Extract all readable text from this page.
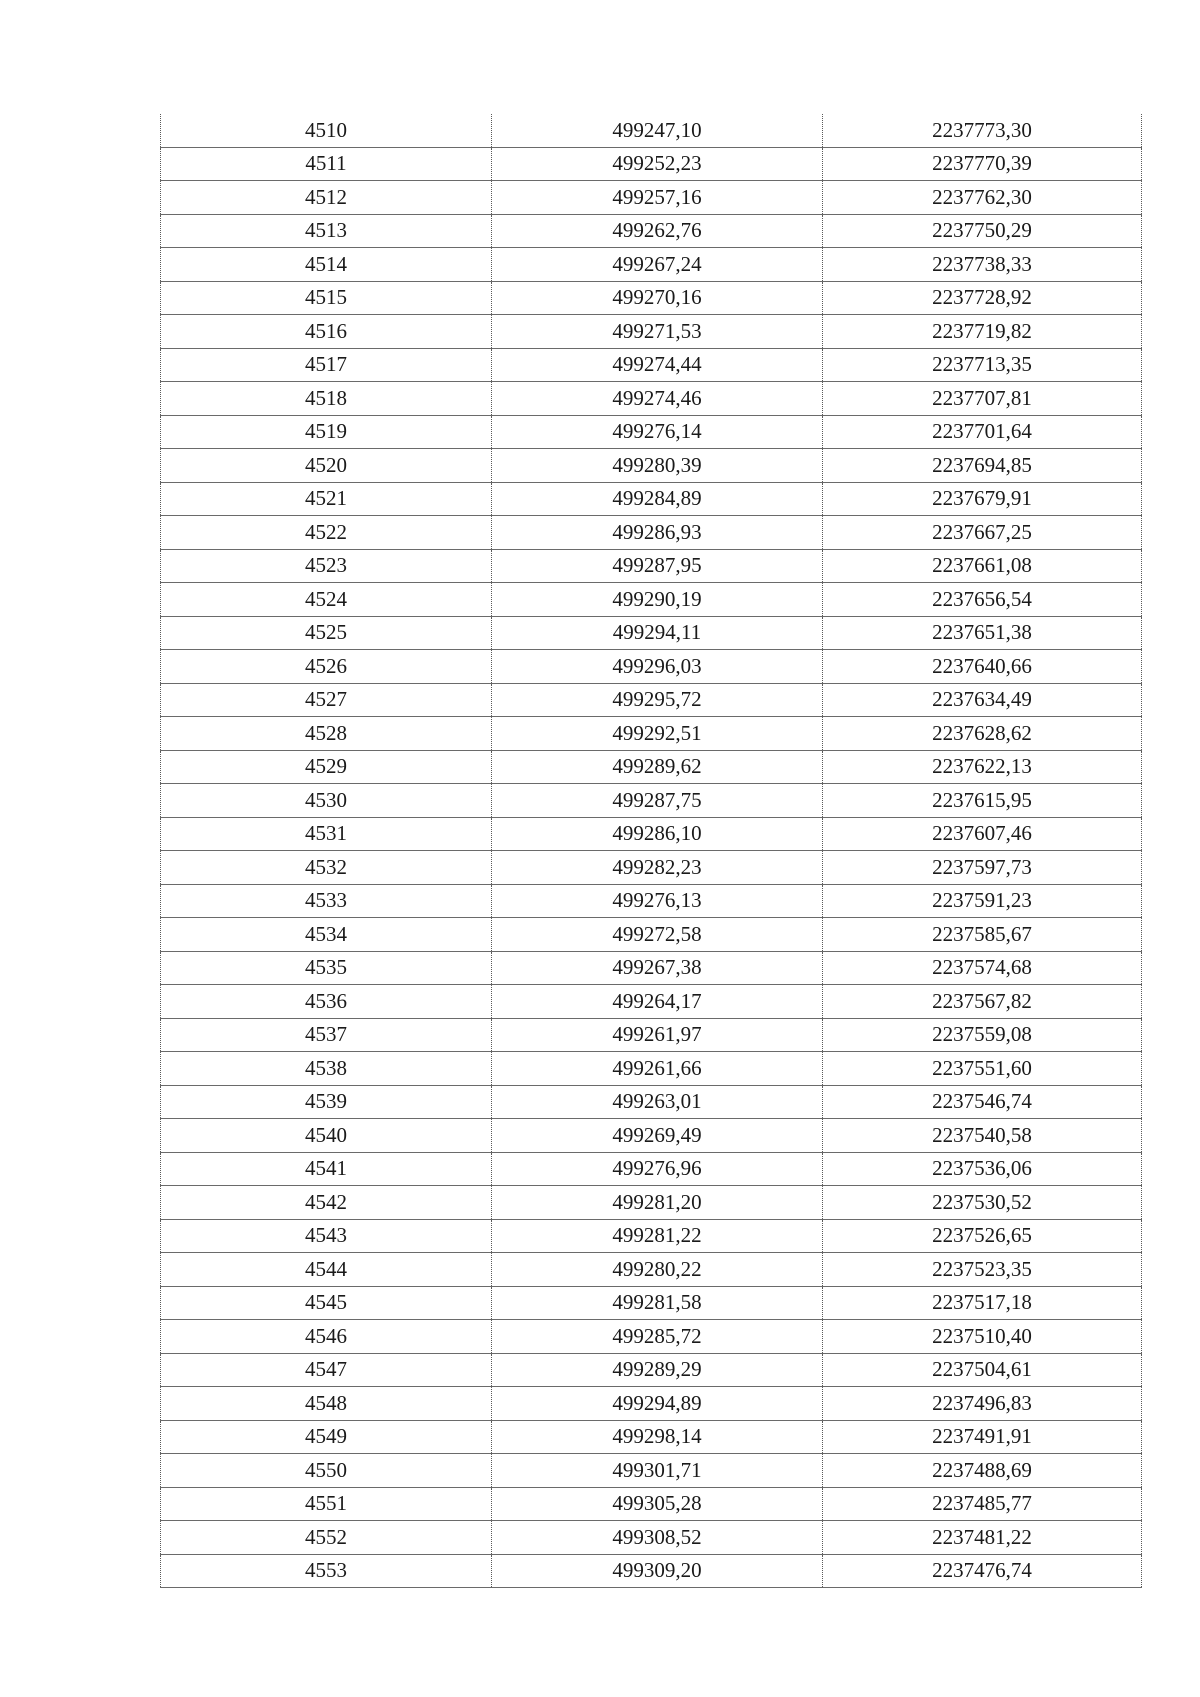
4510	499247,10	2237773,30
4511	499252,23	2237770,39
4512	499257,16	2237762,30
4513	499262,76	2237750,29
4514	499267,24	2237738,33
4515	499270,16	2237728,92
4516	499271,53	2237719,82
4517	499274,44	2237713,35
4518	499274,46	2237707,81
4519	499276,14	2237701,64
4520	499280,39	2237694,85
4521	499284,89	2237679,91
4522	499286,93	2237667,25
4523	499287,95	2237661,08
4524	499290,19	2237656,54
4525	499294,11	2237651,38
4526	499296,03	2237640,66
4527	499295,72	2237634,49
4528	499292,51	2237628,62
4529	499289,62	2237622,13
4530	499287,75	2237615,95
4531	499286,10	2237607,46
4532	499282,23	2237597,73
4533	499276,13	2237591,23
4534	499272,58	2237585,67
4535	499267,38	2237574,68
4536	499264,17	2237567,82
4537	499261,97	2237559,08
4538	499261,66	2237551,60
4539	499263,01	2237546,74
4540	499269,49	2237540,58
4541	499276,96	2237536,06
4542	499281,20	2237530,52
4543	499281,22	2237526,65
4544	499280,22	2237523,35
4545	499281,58	2237517,18
4546	499285,72	2237510,40
4547	499289,29	2237504,61
4548	499294,89	2237496,83
4549	499298,14	2237491,91
4550	499301,71	2237488,69
4551	499305,28	2237485,77
4552	499308,52	2237481,22
4553	499309,20	2237476,74
